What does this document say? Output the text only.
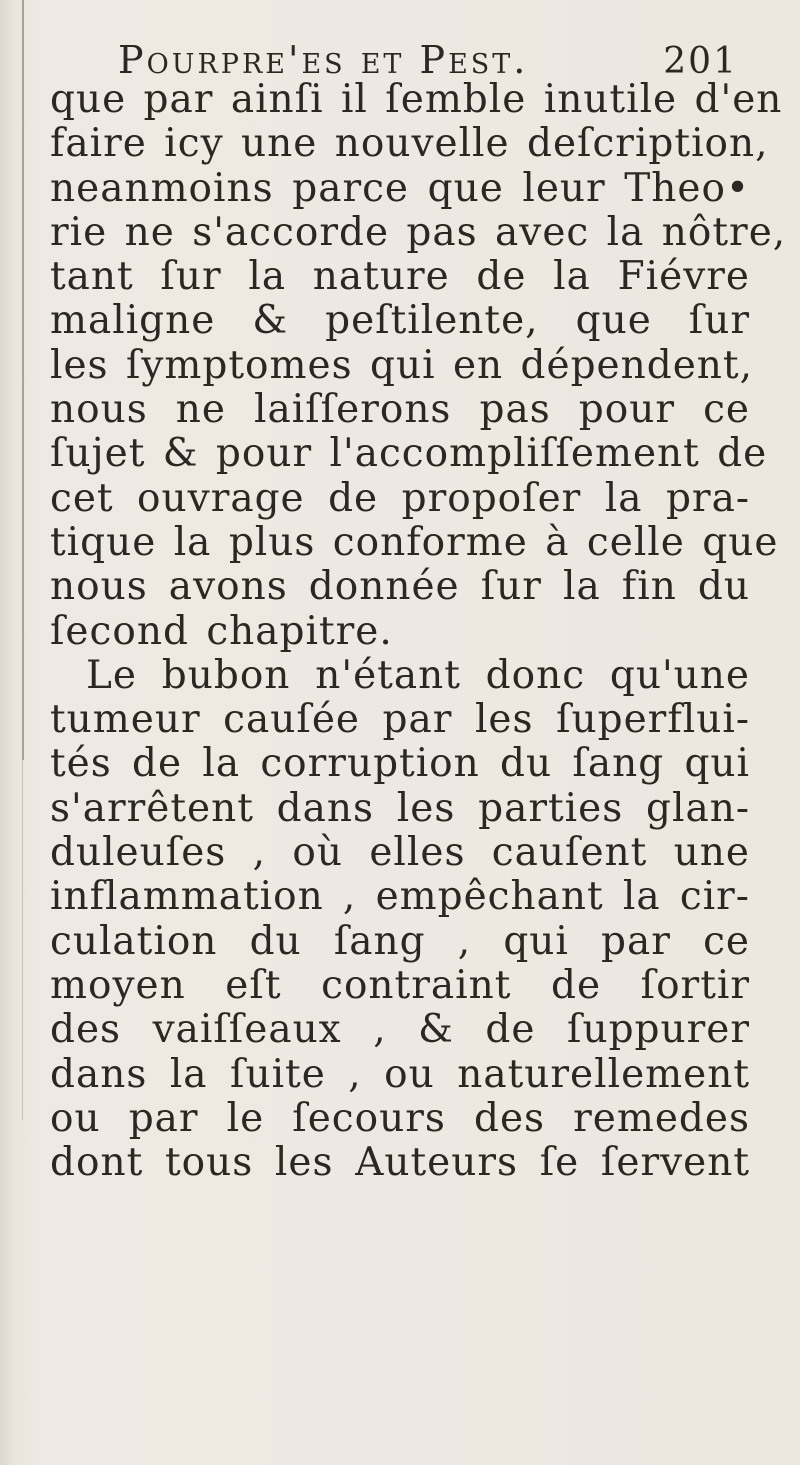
Pourpre'es et Pest.	201
que par ainſi il ſemble inutile d'en
faire icy une nouvelle deſcription,
neanmoins parce que leur Theo•
rie ne s'accorde pas avec la nôtre,
tant ſur la nature de la Fiévre
maligne & peſtilente, que ſur
les ſymptomes qui en dépendent,
nous ne laiſſerons pas pour ce
ſujet & pour l'accompliſſement de
cet ouvrage de propoſer la pra-
tique la plus conforme à celle que
nous avons donnée ſur la fin du
ſecond chapitre.
Le bubon n'étant donc qu'une
tumeur cauſée par les ſuperflui-
tés de la corruption du ſang qui
s'arrêtent dans les parties glan-
duleuſes , où elles cauſent une
inflammation , empêchant la cir-
culation du ſang , qui par ce
moyen eſt contraint de ſortir
des vaiſſeaux , & de ſuppurer
dans la ſuite , ou naturellement
ou par le ſecours des remedes
dont tous les Auteurs ſe ſervent
